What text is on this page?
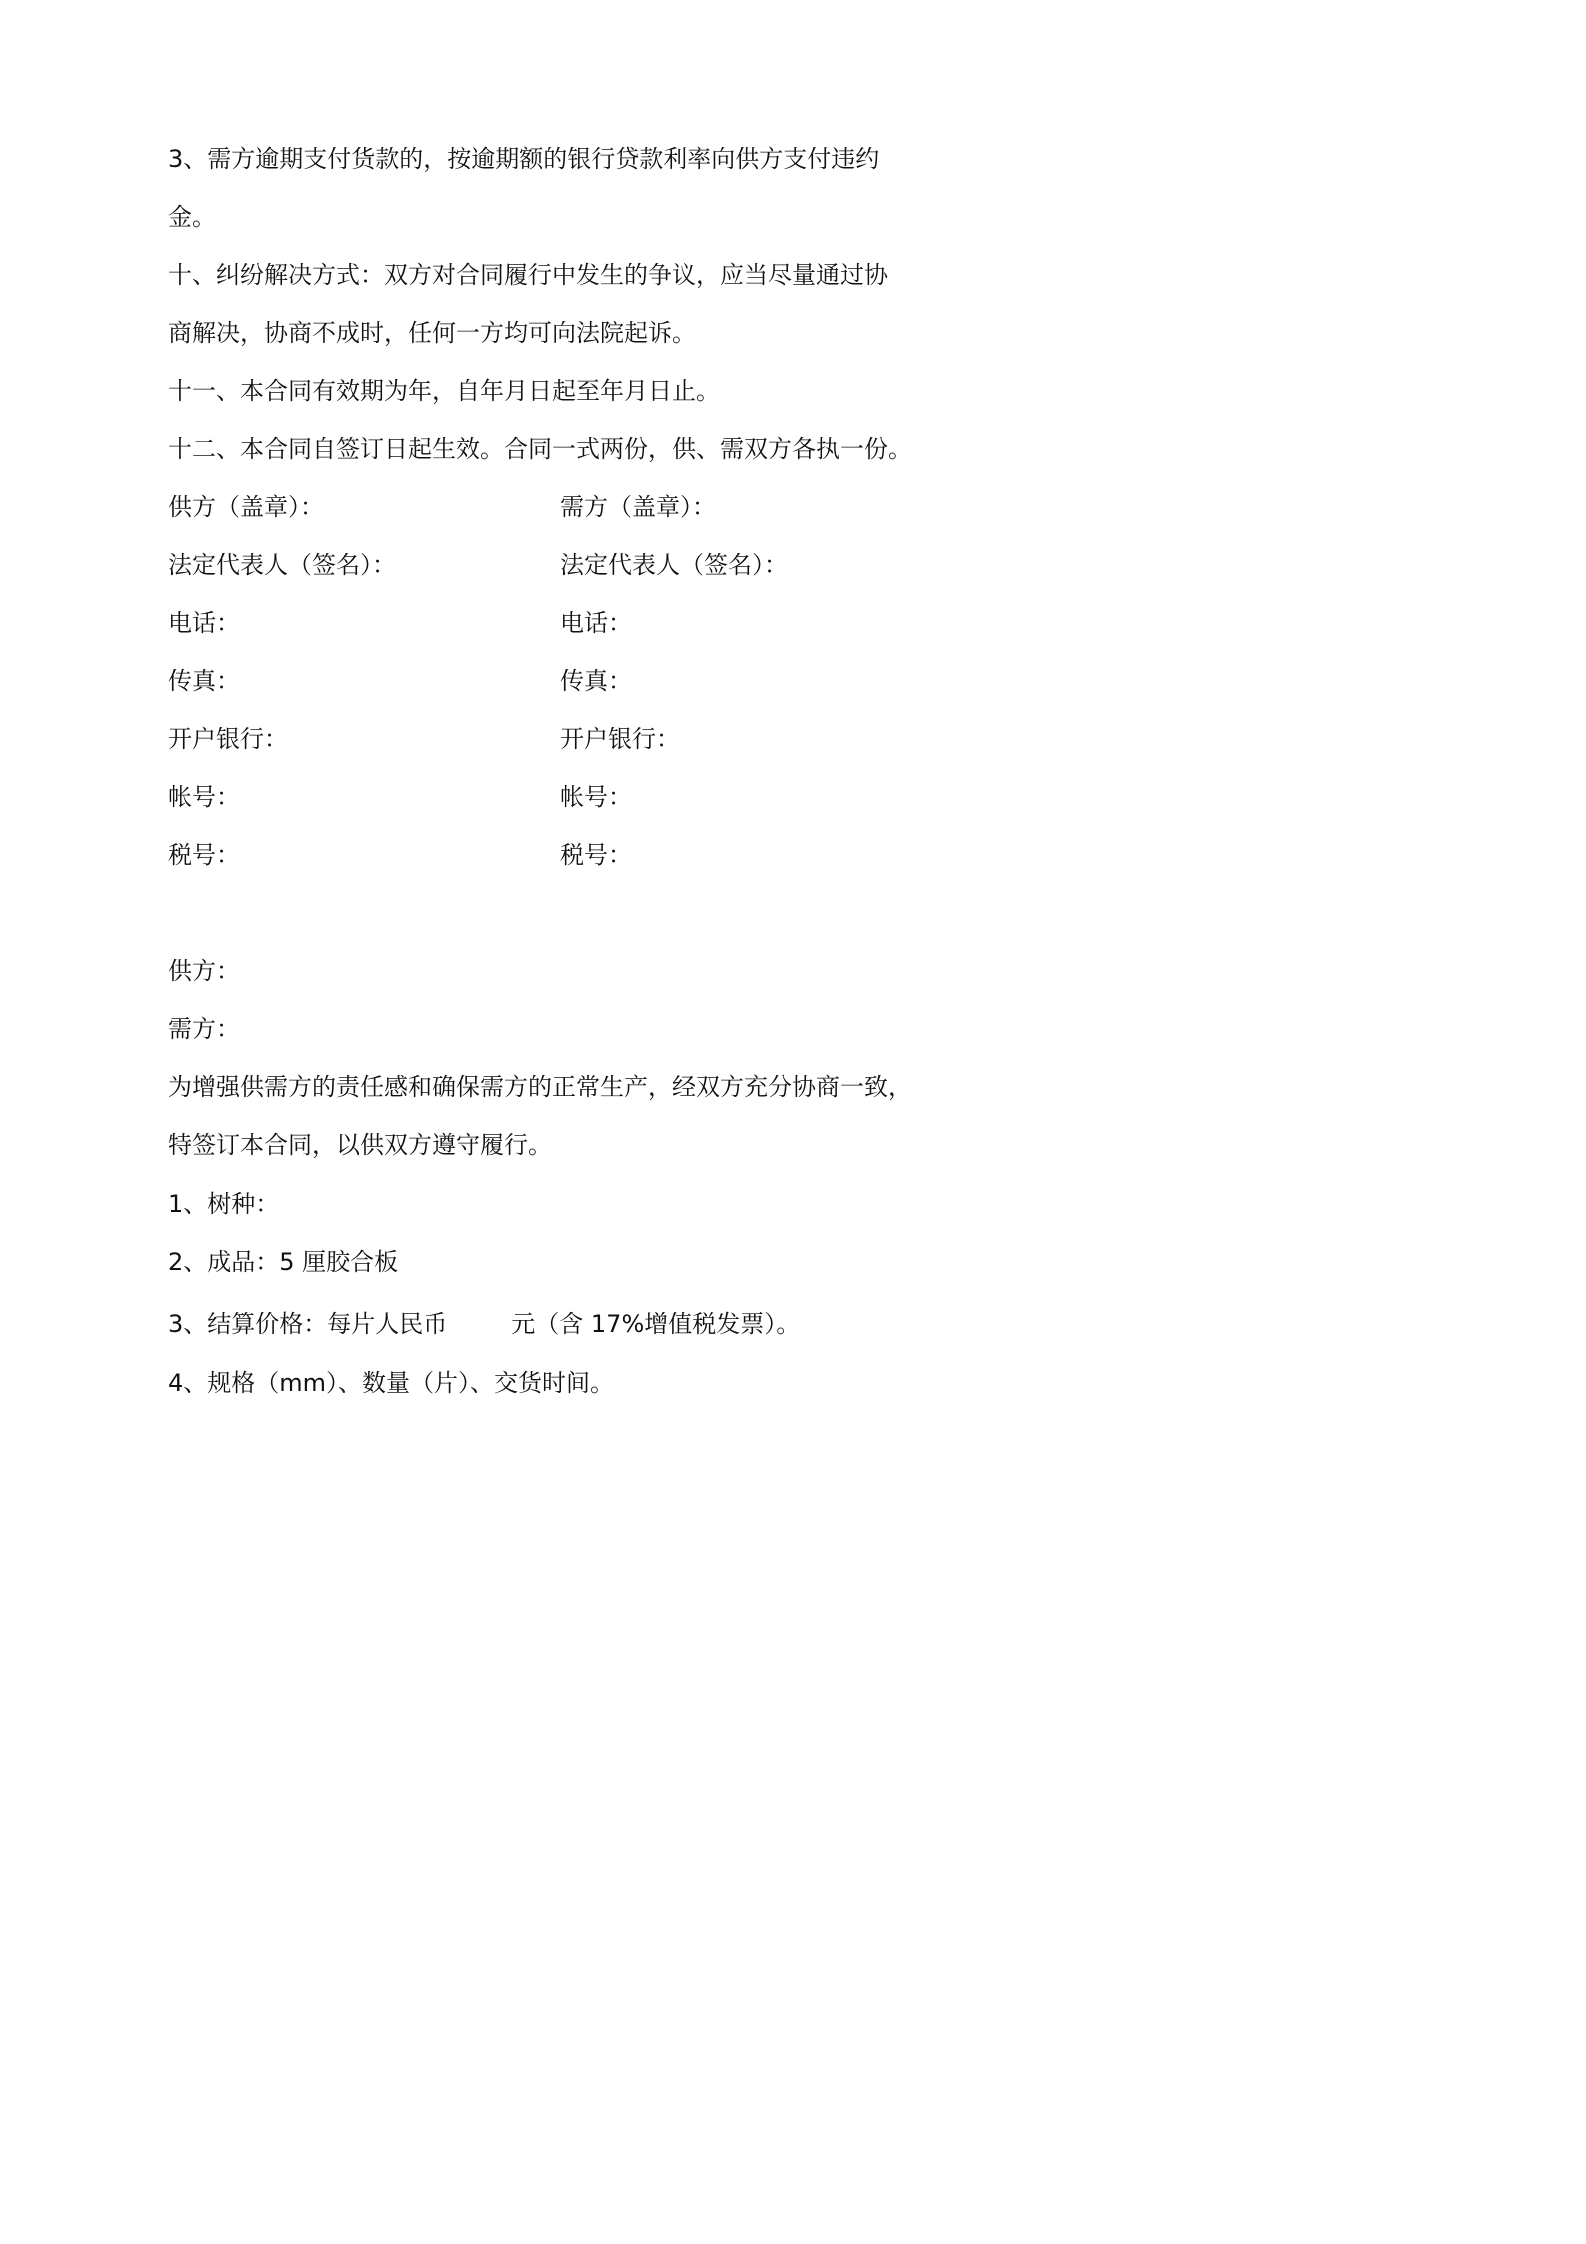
3、需方逾期支付货款的，按逾期额的银行贷款利率向供方支付违约
金。
十、纠纷解决方式：双方对合同履行中发生的争议，应当尽量通过协
商解决，协商不成时，任何一方均可向法院起诉。
十一、本合同有效期为年，自年月日起至年月日止。
十二、本合同自签订日起生效。合同一式两份，供、需双方各执一份。
供方（盖章）：	需方（盖章）：
法定代表人（签名）：	法定代表人（签名）：
电话：	电话：
传真：	传真：
开户银行：	开户银行：
帐号：	帐号：
税号：	税号：
供方：
需方：
为增强供需方的责任感和确保需方的正常生产，经双方充分协商一致，
特签订本合同，以供双方遵守履行。
1、树种：
2、成品：5 厘胶合板
3、结算价格：每片人民币	元（含 17%增值税发票）。
4、规格（mm）、数量（片）、交货时间。
